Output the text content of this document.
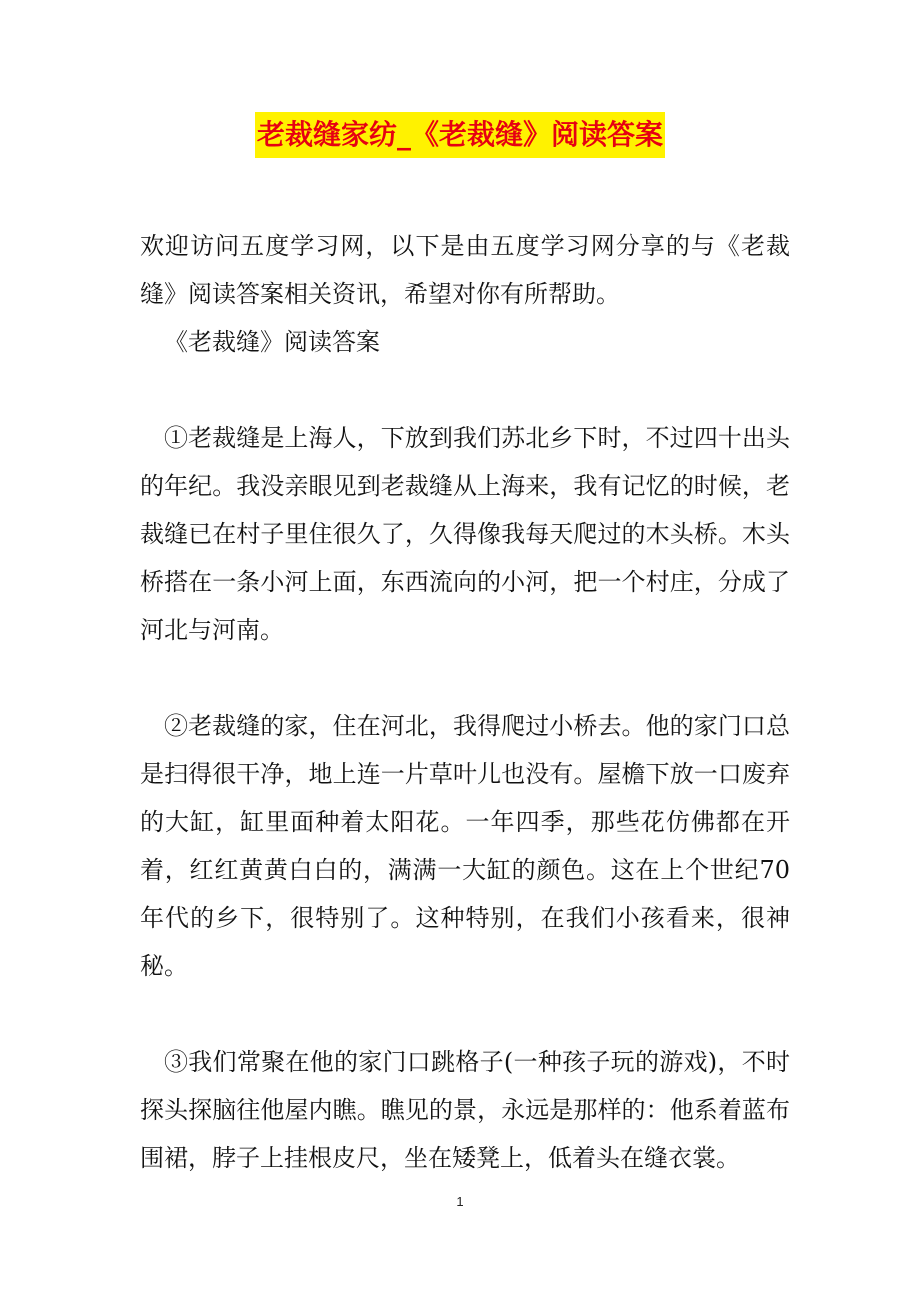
老裁缝家纺_《老裁缝》阅读答案

欢迎访问五度学习网，以下是由五度学习网分享的与《老裁缝》阅读答案相关资讯，希望对你有所帮助。

《老裁缝》阅读答案

①老裁缝是上海人，下放到我们苏北乡下时，不过四十出头的年纪。我没亲眼见到老裁缝从上海来，我有记忆的时候，老裁缝已在村子里住很久了，久得像我每天爬过的木头桥。木头桥搭在一条小河上面，东西流向的小河，把一个村庄，分成了河北与河南。

②老裁缝的家，住在河北，我得爬过小桥去。他的家门口总是扫得很干净，地上连一片草叶儿也没有。屋檐下放一口废弃的大缸，缸里面种着太阳花。一年四季，那些花仿佛都在开着，红红黄黄白白的，满满一大缸的颜色。这在上个世纪70年代的乡下，很特别了。这种特别，在我们小孩看来，很神秘。

③我们常聚在他的家门口跳格子(一种孩子玩的游戏)，不时探头探脑往他屋内瞧。瞧见的景，永远是那样的：他系着蓝布围裙，脖子上挂根皮尺，坐在矮凳上，低着头在缝衣裳。

1
